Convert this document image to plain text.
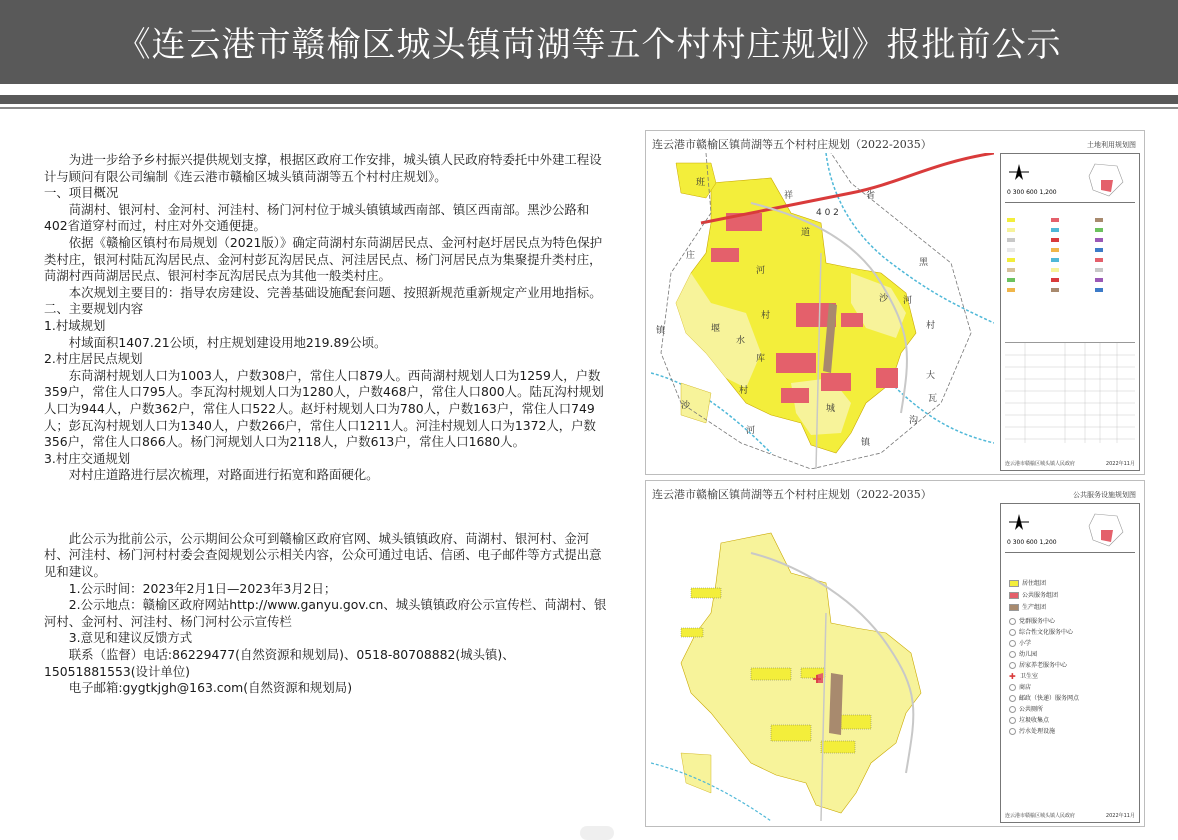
《连云港市赣榆区城头镇苘湖等五个村村庄规划》报批前公示

为进一步给予乡村振兴提供规划支撑，根据区政府工作安排，城头镇人民政府特委托中外建工程设计与顾问有限公司编制《连云港市赣榆区城头镇苘湖等五个村村庄规划》。

一、项目概况

苘湖村、银河村、金河村、河洼村、杨门河村位于城头镇镇域西南部、镇区西南部。黑沙公路和402省道穿村而过，村庄对外交通便捷。

依据《赣榆区镇村布局规划（2021版）》确定苘湖村东苘湖居民点、金河村赵圩居民点为特色保护类村庄，银河村陆瓦沟居民点、金河村彭瓦沟居民点、河洼居民点、杨门河居民点为集聚提升类村庄，苘湖村西苘湖居民点、银河村李瓦沟居民点为其他一般类村庄。

本次规划主要目的：指导农房建设、完善基础设施配套问题、按照新规范重新规定产业用地指标。

二、主要规划内容

1.村域规划

村域面积1407.21公顷，村庄规划建设用地219.89公顷。

2.村庄居民点规划

东苘湖村规划人口为1003人，户数308户，常住人口879人。西苘湖村规划人口为1259人，户数359户，常住人口795人。李瓦沟村规划人口为1280人，户数468户，常住人口800人。陆瓦沟村规划人口为944人，户数362户，常住人口522人。赵圩村规划人口为780人，户数163户，常住人口749人；彭瓦沟村规划人口为1340人，户数266户，常住人口1211人。河洼村规划人口为1372人，户数356户，常住人口866人。杨门河规划人口为2118人，户数613户，常住人口1680人。

3.村庄交通规划

对村庄道路进行层次梳理，对路面进行拓宽和路面硬化。

此公示为批前公示，公示期间公众可到赣榆区政府官网、城头镇镇政府、苘湖村、银河村、金河村、河洼村、杨门河村村委会查阅规划公示相关内容，公众可通过电话、信函、电子邮件等方式提出意见和建议。

1.公示时间：2023年2月1日—2023年3月2日；

2.公示地点：赣榆区政府网站http://www.ganyu.gov.cn、城头镇镇政府公示宣传栏、苘湖村、银河村、金河村、河洼村、杨门河村公示宣传栏

3.意见和建议反馈方式

联系（监督）电话:86229477(自然资源和规划局)、0518-80708882(城头镇)、15051881553(设计单位)

电子邮箱:gygtkjgh@163.com(自然资源和规划局)

连云港市赣榆区镇苘湖等五个村村庄规划（2022-2035）	土地利用规划图
班
庄
镇
沙
河
村
祥
道
4 0 2
省
黑
沙 河
村
大
瓦
沟
堰
水
库
村
河
城
镇
0 300 600 1,200
连云港市赣榆区城头镇人民政府	2022年11月
连云港市赣榆区镇苘湖等五个村村庄规划（2022-2035）	公共服务设施规划图
0 300 600 1,200
居住组团
公共服务组团
生产组团
党群服务中心
综合性文化服务中心
小学
幼儿园
居家养老服务中心
✚ 卫生室
商店
邮政（快递）服务网点
公共厕所
垃圾收集点
污水处理设施
连云港市赣榆区城头镇人民政府	2022年11月
